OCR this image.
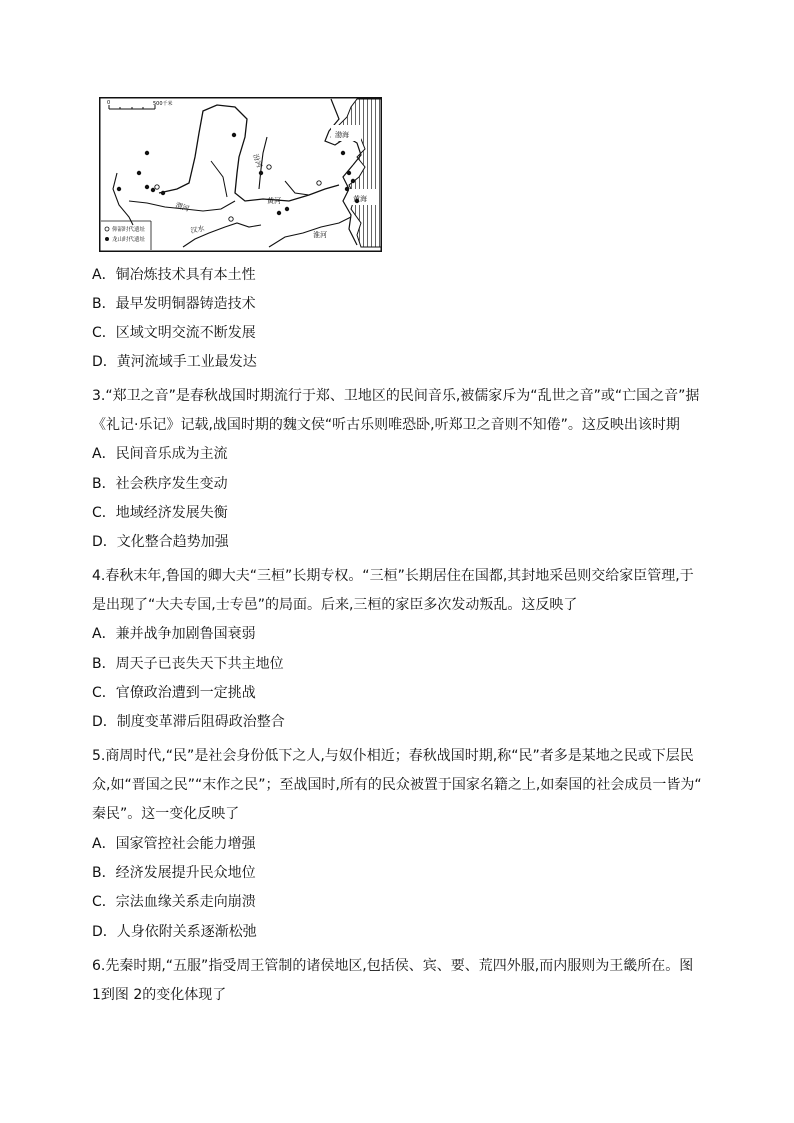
0	500千米
渤海
黄海
汾河
渭河
黄河
汉水
淮河
仰韶时代遗址
龙山时代遗址
A．铜冶炼技术具有本土性
B．最早发明铜器铸造技术
C．区域文明交流不断发展
D．黄河流域手工业最发达
3.“郑卫之音”是春秋战国时期流行于郑、卫地区的民间音乐,被儒家斥为“乱世之音”或“亡国之音”据
《礼记·乐记》记载,战国时期的魏文侯“听古乐则唯恐卧,听郑卫之音则不知倦”。这反映出该时期
A．民间音乐成为主流
B．社会秩序发生变动
C．地域经济发展失衡
D．文化整合趋势加强
4.春秋末年,鲁国的卿大夫“三桓”长期专权。“三桓”长期居住在国都,其封地采邑则交给家臣管理,于
是出现了“大夫专国,士专邑”的局面。后来,三桓的家臣多次发动叛乱。这反映了
A．兼并战争加剧鲁国衰弱
B．周天子已丧失天下共主地位
C．官僚政治遭到一定挑战
D．制度变革滞后阻碍政治整合
5.商周时代,“民”是社会身份低下之人,与奴仆相近；春秋战国时期,称“民”者多是某地之民或下层民
众,如“晋国之民”“末作之民”；至战国时,所有的民众被置于国家名籍之上,如秦国的社会成员一皆为“
秦民”。这一变化反映了
A．国家管控社会能力增强
B．经济发展提升民众地位
C．宗法血缘关系走向崩溃
D．人身依附关系逐渐松弛
6.先秦时期,“五服”指受周王管制的诸侯地区,包括侯、宾、要、荒四外服,而内服则为王畿所在。图
1到图 2的变化体现了
